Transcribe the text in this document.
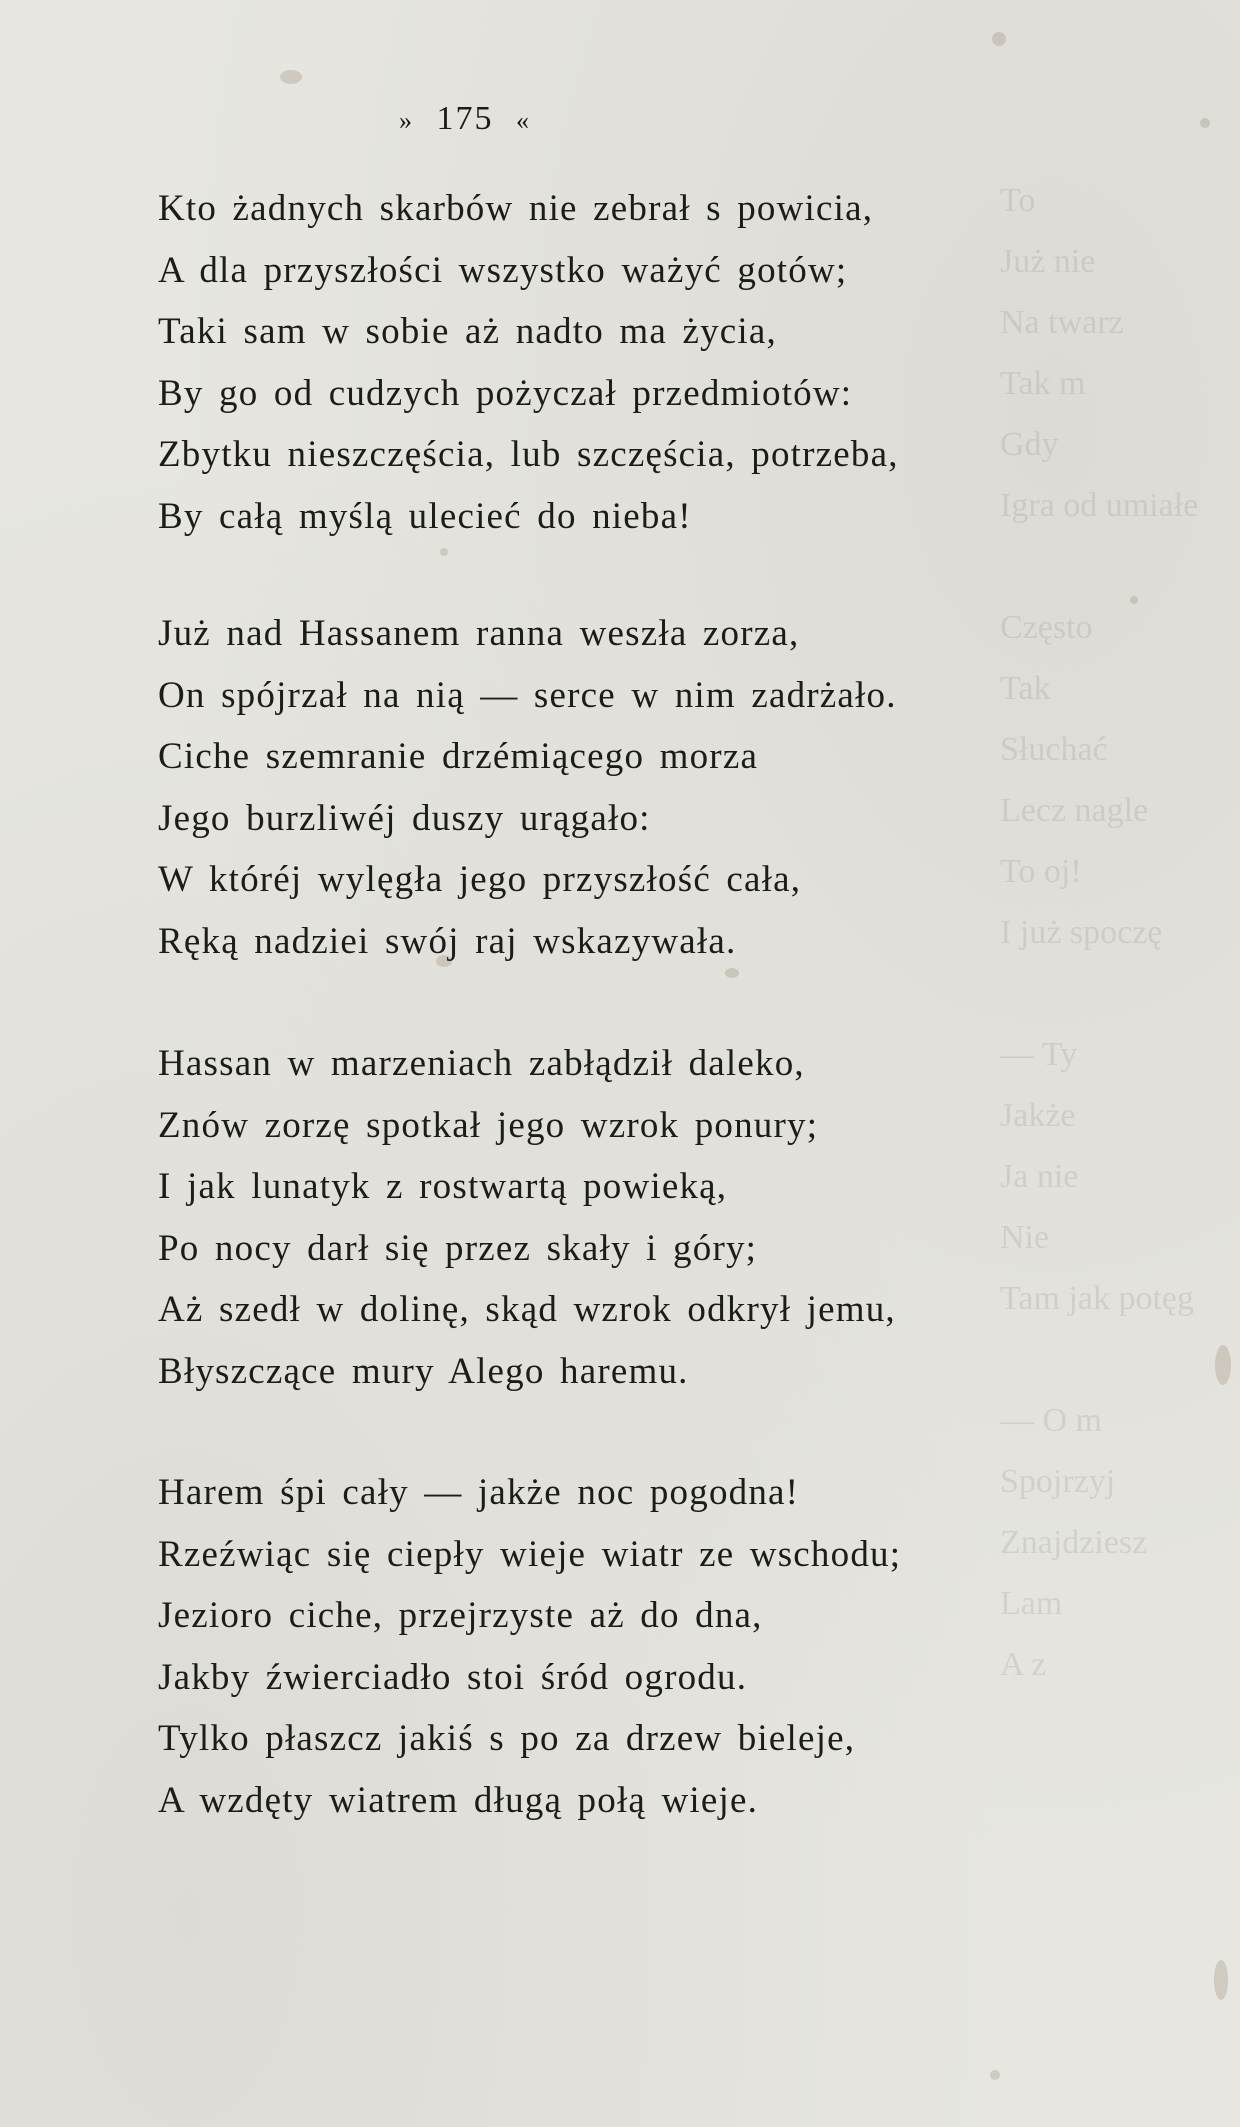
To
Już nie
Na twarz
Tak m
Gdy
Igra od umiałe

Często
Tak
Słuchać
Lecz nagle
To oj!
I już spoczę

— Ty
Jakże
Ja nie
Nie
Tam jak potęg

— O m
Spojrzyj
Znajdziesz
Lam
A z
» 175 «
Kto żadnych skarbów nie zebrał s powicia,
A dla przyszłości wszystko ważyć gotów;
Taki sam w sobie aż nadto ma życia,
By go od cudzych pożyczał przedmiotów:
Zbytku nieszczęścia, lub szczęścia, potrzeba,
By całą myślą ulecieć do nieba!
Już nad Hassanem ranna weszła zorza,
On spójrzał na nią — serce w nim zadrżało.
Ciche szemranie drzémiącego morza
Jego burzliwéj duszy urągało:
W któréj wylęgła jego przyszłość cała,
Ręką nadziei swój raj wskazywała.
Hassan w marzeniach zabłądził daleko,
Znów zorzę spotkał jego wzrok ponury;
I jak lunatyk z rostwartą powieką,
Po nocy darł się przez skały i góry;
Aż szedł w dolinę, skąd wzrok odkrył jemu,
Błyszczące mury Alego haremu.
Harem śpi cały — jakże noc pogodna!
Rzeźwiąc się ciepły wieje wiatr ze wschodu;
Jezioro ciche, przejrzyste aż do dna,
Jakby źwierciadło stoi śród ogrodu.
Tylko płaszcz jakiś s po za drzew bieleje,
A wzdęty wiatrem długą połą wieje.
